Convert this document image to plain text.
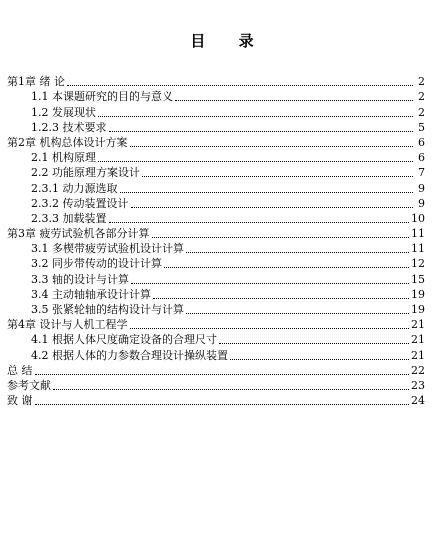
目 录
第1章 绪 论	2
1.1 本课题研究的目的与意义	2
1.2 发展现状	2
1.2.3 技术要求	5
第2章 机构总体设计方案	6
2.1 机构原理	6
2.2 功能原理方案设计	7
2.3.1 动力源选取	9
2.3.2 传动装置设计	9
2.3.3 加载装置	10
第3章 疲劳试验机各部分计算	11
3.1 多楔带疲劳试验机设计计算	11
3.2 同步带传动的设计计算	12
3.3 轴的设计与计算	15
3.4 主动轴轴承设计计算	19
3.5 张紧轮轴的结构设计与计算	19
第4章 设计与人机工程学	21
4.1 根据人体尺度确定设备的合理尺寸	21
4.2 根据人体的力参数合理设计操纵装置	21
总 结	22
参考文献	23
致 谢	24
